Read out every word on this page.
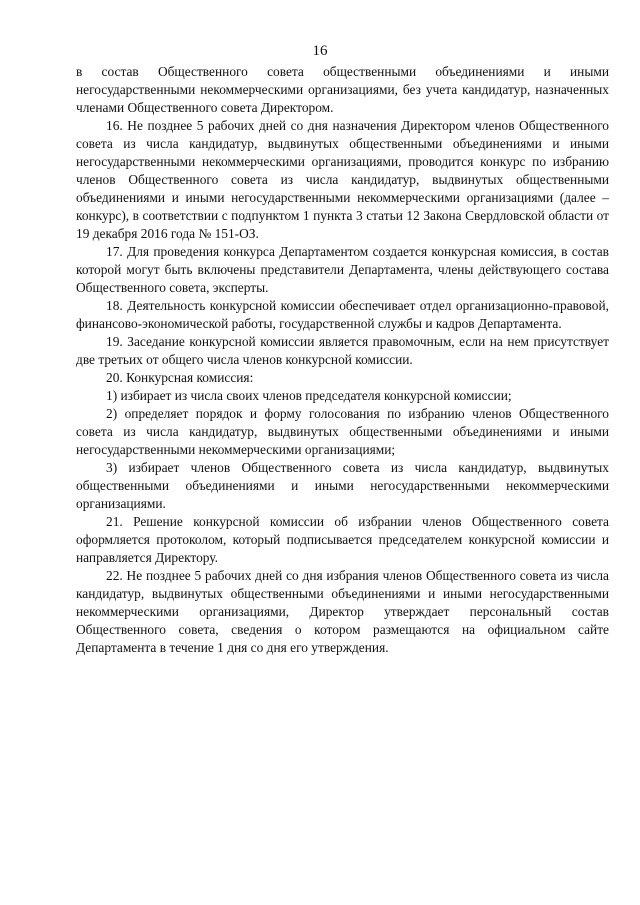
16

в состав Общественного совета общественными объединениями и иными негосударственными некоммерческими организациями, без учета кандидатур, назначенных членами Общественного совета Директором.

16. Не позднее 5 рабочих дней со дня назначения Директором членов Общественного совета из числа кандидатур, выдвинутых общественными объединениями и иными негосударственными некоммерческими организациями, проводится конкурс по избранию членов Общественного совета из числа кандидатур, выдвинутых общественными объединениями и иными негосударственными некоммерческими организациями (далее – конкурс), в соответствии с подпунктом 1 пункта 3 статьи 12 Закона Свердловской области от 19 декабря 2016 года № 151-ОЗ.

17. Для проведения конкурса Департаментом создается конкурсная комиссия, в состав которой могут быть включены представители Департамента, члены действующего состава Общественного совета, эксперты.

18. Деятельность конкурсной комиссии обеспечивает отдел организационно-правовой, финансово-экономической работы, государственной службы и кадров Департамента.

19. Заседание конкурсной комиссии является правомочным, если на нем присутствует две третьих от общего числа членов конкурсной комиссии.

20. Конкурсная комиссия:

1) избирает из числа своих членов председателя конкурсной комиссии;

2) определяет порядок и форму голосования по избранию членов Общественного совета из числа кандидатур, выдвинутых общественными объединениями и иными негосударственными некоммерческими организациями;

3) избирает членов Общественного совета из числа кандидатур, выдвинутых общественными объединениями и иными негосударственными некоммерческими организациями.

21. Решение конкурсной комиссии об избрании членов Общественного совета оформляется протоколом, который подписывается председателем конкурсной комиссии и направляется Директору.

22. Не позднее 5 рабочих дней со дня избрания членов Общественного совета из числа кандидатур, выдвинутых общественными объединениями и иными негосударственными некоммерческими организациями, Директор утверждает персональный состав Общественного совета, сведения о котором размещаются на официальном сайте Департамента в течение 1 дня со дня его утверждения.
